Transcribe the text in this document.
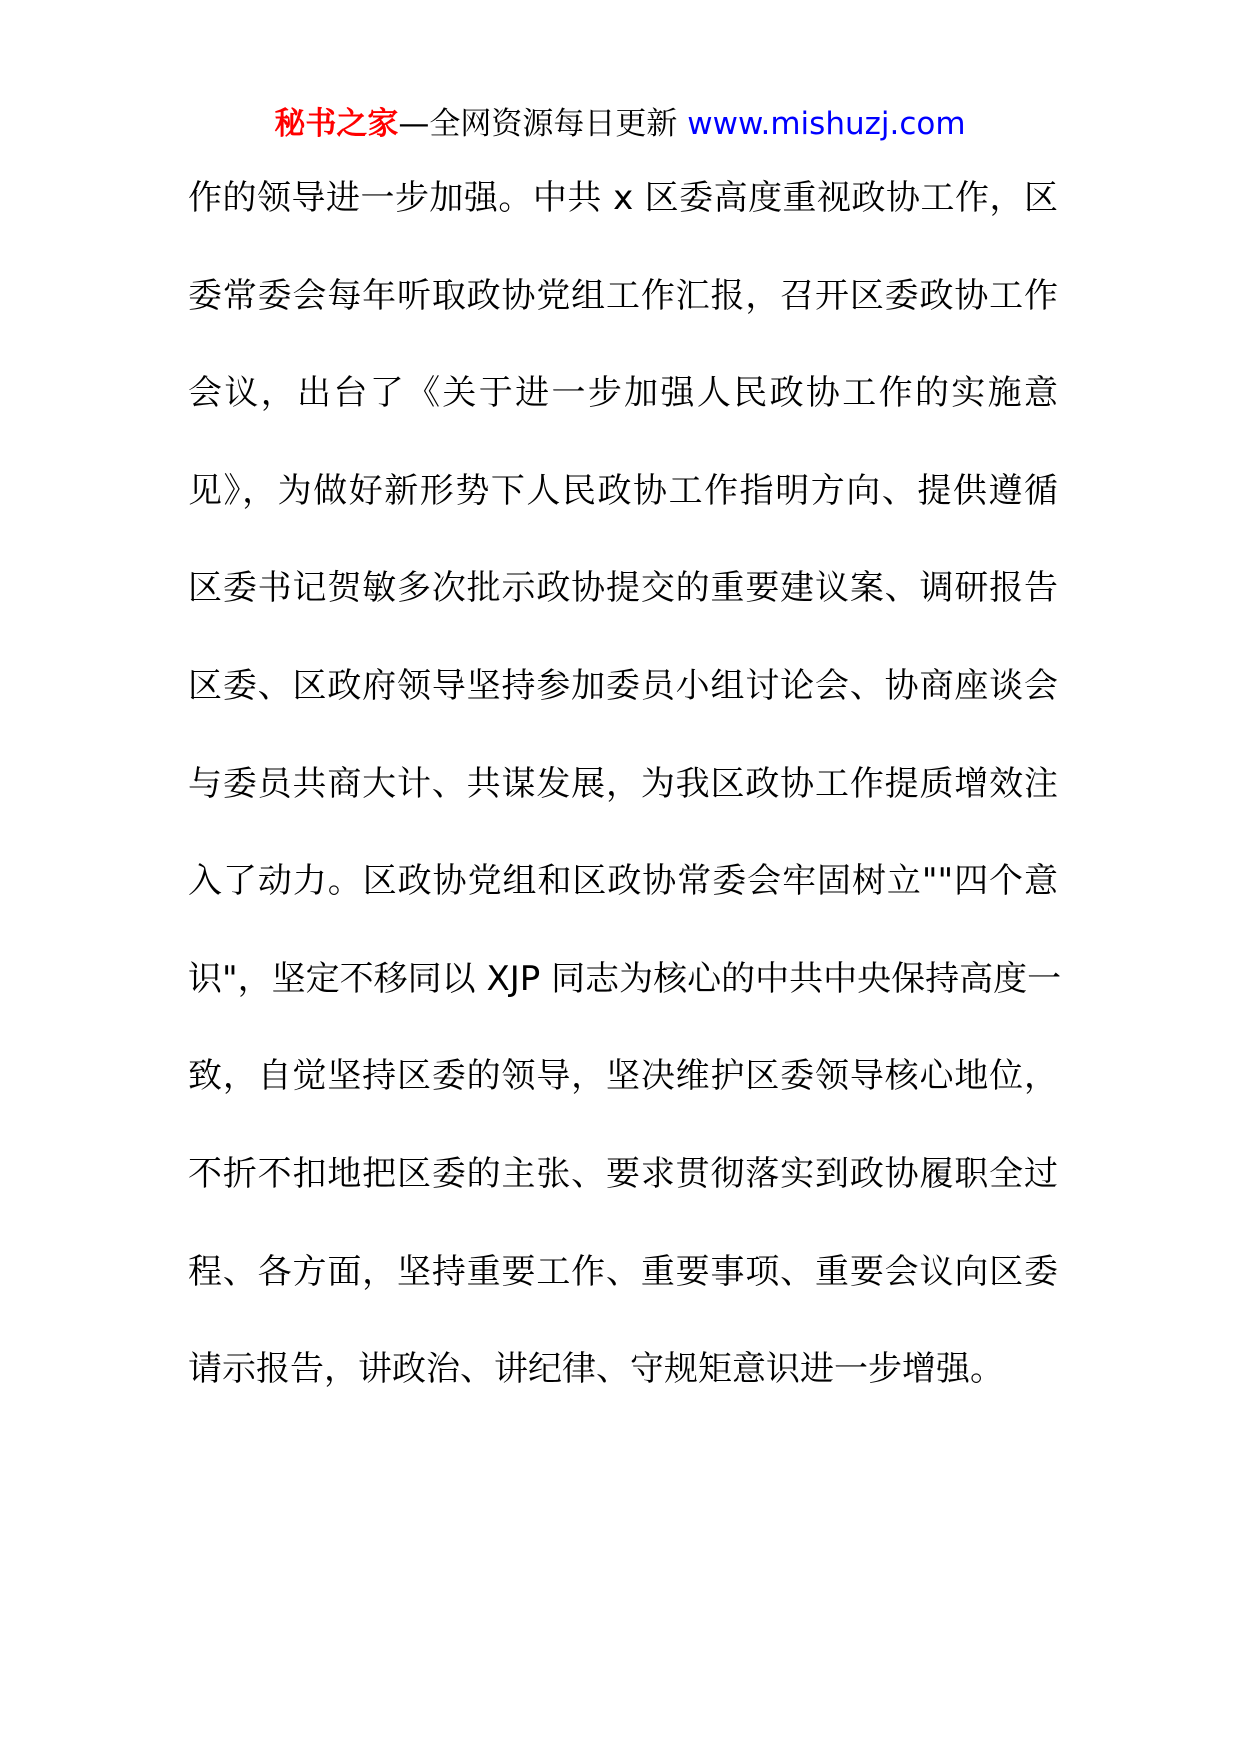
秘书之家—全网资源每日更新 www.mishuzj.com
作的领导进一步加强。中共 x 区委高度重视政协工作，区
委常委会每年听取政协党组工作汇报，召开区委政协工作
会议，出台了《关于进一步加强人民政协工作的实施意
见》，为做好新形势下人民政协工作指明方向、提供遵循
区委书记贺敏多次批示政协提交的重要建议案、调研报告
区委、区政府领导坚持参加委员小组讨论会、协商座谈会
与委员共商大计、共谋发展，为我区政协工作提质增效注
入了动力。区政协党组和区政协常委会牢固树立""四个意
识"，坚定不移同以 XJP 同志为核心的中共中央保持高度一
致，自觉坚持区委的领导，坚决维护区委领导核心地位，
不折不扣地把区委的主张、要求贯彻落实到政协履职全过
程、各方面，坚持重要工作、重要事项、重要会议向区委
请示报告，讲政治、讲纪律、守规矩意识进一步增强。
